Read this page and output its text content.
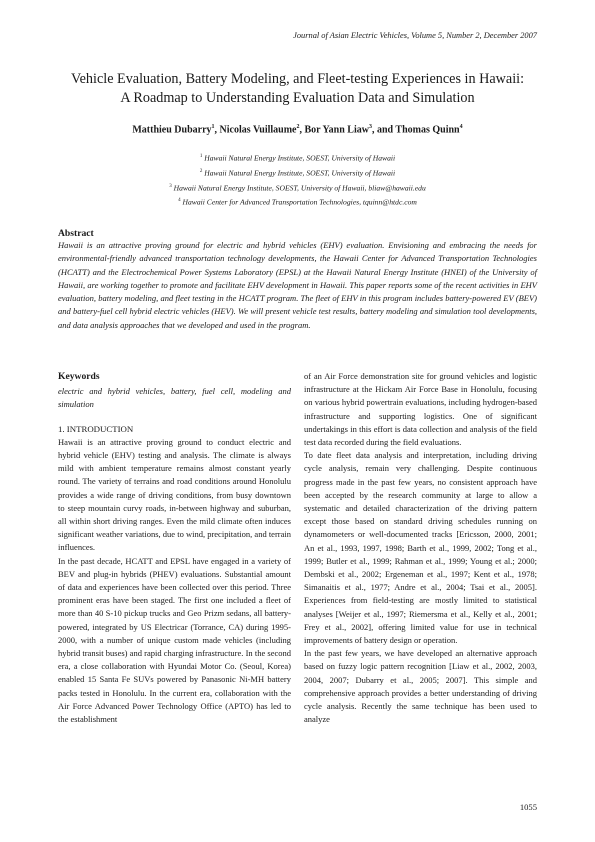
Journal of Asian Electric Vehicles, Volume 5, Number 2, December 2007
Vehicle Evaluation, Battery Modeling, and Fleet-testing Experiences in Hawaii:
A Roadmap to Understanding Evaluation Data and Simulation
Matthieu Dubarry$^1$, Nicolas Vuillaume$^2$, Bor Yann Liaw$^3$, and Thomas Quinn$^4$
$^1$ Hawaii Natural Energy Institute, SOEST, University of Hawaii
$^2$ Hawaii Natural Energy Institute, SOEST, University of Hawaii
$^3$ Hawaii Natural Energy Institute, SOEST, University of Hawaii, bliaw@hawaii.edu
$^4$ Hawaii Center for Advanced Transportation Technologies, tquinn@htdc.com
Abstract
Hawaii is an attractive proving ground for electric and hybrid vehicles (EHV) evaluation. Envisioning and embracing the needs for environmental-friendly advanced transportation technology developments, the Hawaii Center for Advanced Transportation Technologies (HCATT) and the Electrochemical Power Systems Laboratory (EPSL) at the Hawaii Natural Energy Institute (HNEI) of the University of Hawaii, are working together to promote and facilitate EHV development in Hawaii. This paper reports some of the recent activities in EHV evaluation, battery modeling, and fleet testing in the HCATT program. The fleet of EHV in this program includes battery-powered EV (BEV) and battery-fuel cell hybrid electric vehicles (HEV). We will present vehicle test results, battery modeling and simulation tool developments, and data analysis approaches that we developed and used in the program.
Keywords
electric and hybrid vehicles, battery, fuel cell, modeling and simulation
1. INTRODUCTION

Hawaii is an attractive proving ground to conduct electric and hybrid vehicle (EHV) testing and analysis. The climate is always mild with ambient temperature remains almost constant yearly round. The variety of terrains and road conditions around Honolulu provides a wide range of driving conditions, from busy downtown to steep mountain curvy roads, in-between highway and suburban, all within short driving ranges. Even the mild climate often induces significant weather variations, due to wind, precipitation, and terrain influences.

In the past decade, HCATT and EPSL have engaged in a variety of BEV and plug-in hybrids (PHEV) evaluations. Substantial amount of data and experiences have been collected over this period. Three prominent eras have been staged. The first one included a fleet of more than 40 S-10 pickup trucks and Geo Prizm sedans, all battery-powered, integrated by US Electricar (Torrance, CA) during 1995-2000, with a number of unique custom made vehicles (including hybrid transit buses) and rapid charging infrastructure. In the second era, a close collaboration with Hyundai Motor Co. (Seoul, Korea) enabled 15 Santa Fe SUVs powered by Panasonic Ni-MH battery packs tested in Honolulu. In the current era, collaboration with the Air Force Advanced Power Technology Office (APTO) has led to the establishment

of an Air Force demonstration site for ground vehicles and logistic infrastructure at the Hickam Air Force Base in Honolulu, focusing on various hybrid powertrain evaluations, including hydrogen-based infrastructure and supporting logistics. One of significant undertakings in this effort is data collection and analysis of the field test data recorded during the field evaluations.

To date fleet data analysis and interpretation, including driving cycle analysis, remain very challenging. Despite continuous progress made in the past few years, no consistent approach have been accepted by the research community at large to allow a systematic and detailed characterization of the driving pattern except those based on standard driving schedules running on dynamometers or well-documented tracks [Ericsson, 2000, 2001; An et al., 1993, 1997, 1998; Barth et al., 1999, 2002; Tong et al., 1999; Butler et al., 1999; Rahman et al., 1999; Young et al.; 2000; Dembski et al., 2002; Ergeneman et al., 1997; Kent et al., 1978; Simanaitis et al., 1977; Andre et al., 2004; Tsai et al., 2005]. Experiences from field-testing are mostly limited to statistical analyses [Weijer et al., 1997; Riemersma et al., Kelly et al., 2001; Frey et al., 2002], offering limited value for use in technical improvements of battery design or operation.

In the past few years, we have developed an alternative approach based on fuzzy logic pattern recognition [Liaw et al., 2002, 2003, 2004, 2007; Dubarry et al., 2005; 2007]. This simple and comprehensive approach provides a better understanding of driving cycle analysis. Recently the same technique has been used to analyze

1055
